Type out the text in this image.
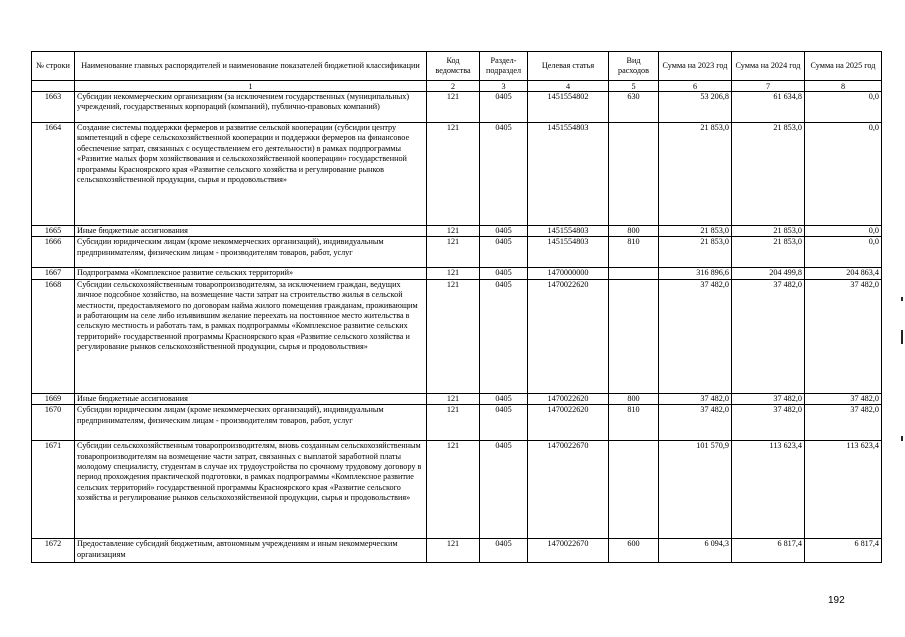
№ строки	Наименование главных распорядителей и наименование показателей бюджетной классификации	Код ведомства	Раздел-подраздел	Целевая статья	Вид расходов	Сумма на 2023 год	Сумма на 2024 год	Сумма на 2025 год
	1	2	3	4	5	6	7	8
1663	Субсидии некоммерческим организациям (за исключением государственных (муниципальных) учреждений, государственных корпораций (компаний), публично-правовых компаний)	121	0405	1451554802	630	53 206,8	61 634,8	0,0
1664	Создание системы поддержки фермеров и развитие сельской кооперации (субсидии центру компетенций в сфере сельскохозяйственной кооперации и поддержки фермеров на финансовое обеспечение затрат, связанных с осуществлением его деятельности) в рамках подпрограммы «Развитие малых форм хозяйствования и сельскохозяйственной кооперации» государственной программы Красноярского края «Развитие сельского хозяйства и регулирование рынков сельскохозяйственной продукции, сырья и продовольствия»	121	0405	1451554803		21 853,0	21 853,0	0,0
1665	Иные бюджетные ассигнования	121	0405	1451554803	800	21 853,0	21 853,0	0,0
1666	Субсидии юридическим лицам (кроме некоммерческих организаций), индивидуальным предпринимателям, физическим лицам - производителям товаров, работ, услуг	121	0405	1451554803	810	21 853,0	21 853,0	0,0
1667	Подпрограмма «Комплексное развитие сельских территорий»	121	0405	1470000000		316 896,6	204 499,8	204 863,4
1668	Субсидии сельскохозяйственным товаропроизводителям, за исключением граждан, ведущих личное подсобное хозяйство, на возмещение части затрат на строительство жилья в сельской местности, предоставляемого по договорам найма жилого помещения гражданам, проживающим и работающим на селе либо изъявившим желание переехать на постоянное место жительства в сельскую местность и работать там, в рамках подпрограммы «Комплексное развитие сельских территорий» государственной программы Красноярского края «Развитие сельского хозяйства и регулирование рынков сельскохозяйственной продукции, сырья и продовольствия»	121	0405	1470022620		37 482,0	37 482,0	37 482,0
1669	Иные бюджетные ассигнования	121	0405	1470022620	800	37 482,0	37 482,0	37 482,0
1670	Субсидии юридическим лицам (кроме некоммерческих организаций), индивидуальным предпринимателям, физическим лицам - производителям товаров, работ, услуг	121	0405	1470022620	810	37 482,0	37 482,0	37 482,0
1671	Субсидии сельскохозяйственным товаропроизводителям, вновь созданным сельскохозяйственным товаропроизводителям на возмещение части затрат, связанных с выплатой заработной платы молодому специалисту, студентам в случае их трудоустройства по срочному трудовому договору в период прохождения практической подготовки, в рамках подпрограммы «Комплексное развитие сельских территорий» государственной программы Красноярского края «Развитие сельского хозяйства и регулирование рынков сельскохозяйственной продукции, сырья и продовольствия»	121	0405	1470022670		101 570,9	113 623,4	113 623,4
1672	Предоставление субсидий бюджетным, автономным учреждениям и иным некоммерческим организациям	121	0405	1470022670	600	6 094,3	6 817,4	6 817,4
192
